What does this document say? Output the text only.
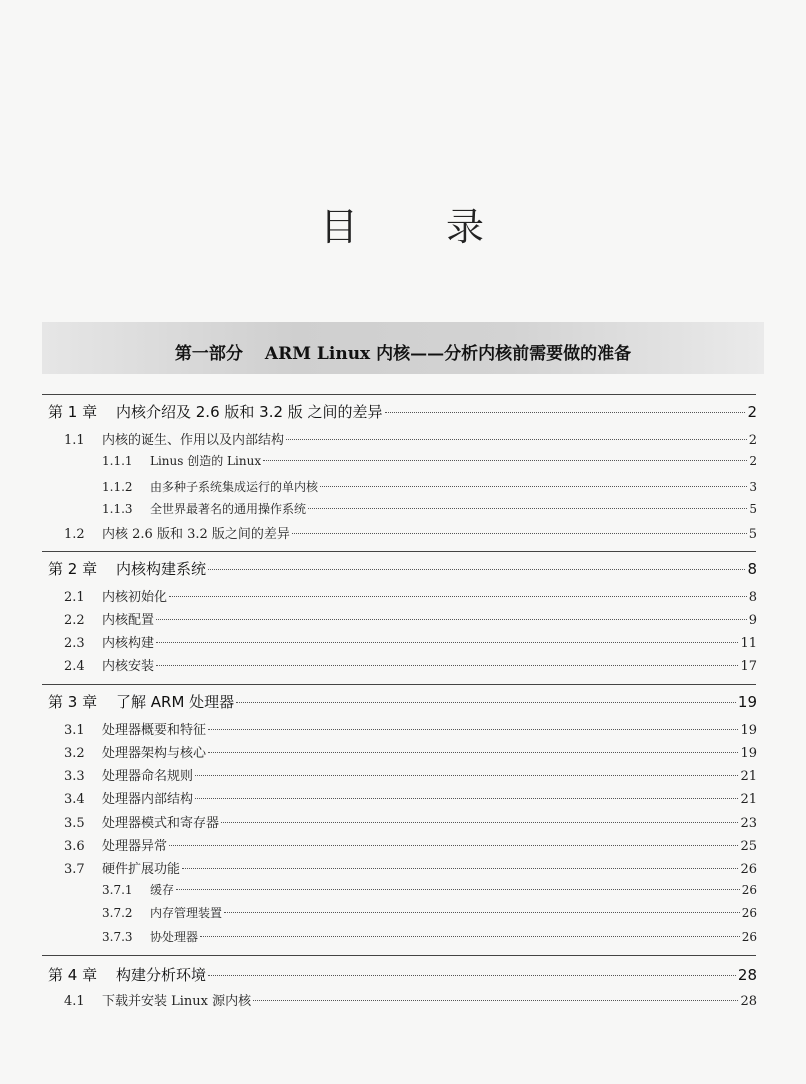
目 录
第一部分 ARM Linux 内核——分析内核前需要做的准备
第 1 章 内核介绍及 2.6 版和 3.2 版 之间的差异	2
1.1 内核的诞生、作用以及内部结构	2
1.1.1 Linus 创造的 Linux	2
1.1.2 由多种子系统集成运行的单内核	3
1.1.3 全世界最著名的通用操作系统	5
1.2 内核 2.6 版和 3.2 版之间的差异	5
第 2 章 内核构建系统	8
2.1 内核初始化	8
2.2 内核配置	9
2.3 内核构建	11
2.4 内核安装	17
第 3 章 了解 ARM 处理器	19
3.1 处理器概要和特征	19
3.2 处理器架构与核心	19
3.3 处理器命名规则	21
3.4 处理器内部结构	21
3.5 处理器模式和寄存器	23
3.6 处理器异常	25
3.7 硬件扩展功能	26
3.7.1 缓存	26
3.7.2 内存管理装置	26
3.7.3 协处理器	26
第 4 章 构建分析环境	28
4.1 下载并安装 Linux 源内核	28
